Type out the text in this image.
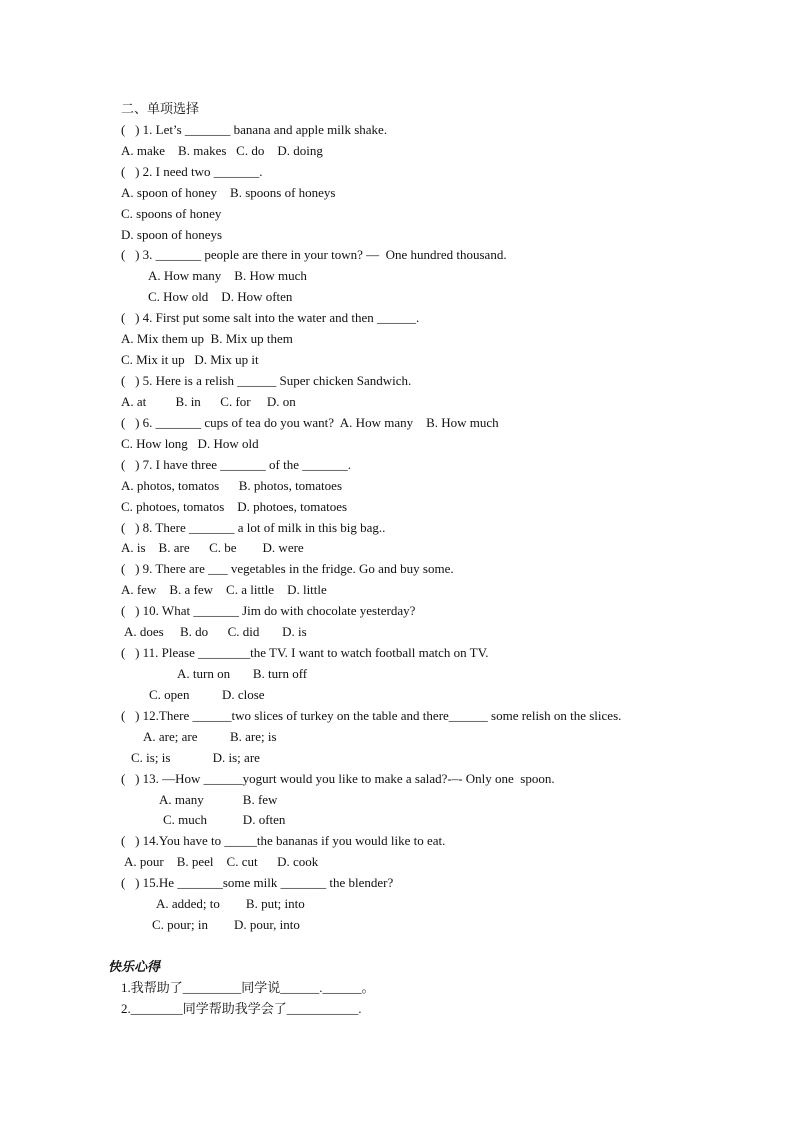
二、单项选择
(   ) 1. Let’s _______ banana and apple milk shake.
A. make    B. makes   C. do    D. doing
(   ) 2. I need two _______.
A. spoon of honey    B. spoons of honeys
C. spoons of honey
D. spoon of honeys
(   ) 3. _______ people are there in your town? —  One hundred thousand.
A. How many    B. How much
C. How old    D. How often
(   ) 4. First put some salt into the water and then ______.
A. Mix them up  B. Mix up them
C. Mix it up   D. Mix up it
(   ) 5. Here is a relish ______ Super chicken Sandwich.
A. at         B. in      C. for     D. on
(   ) 6. _______ cups of tea do you want?  A. How many    B. How much
C. How long   D. How old
(   ) 7. I have three _______ of the _______.
A. photos, tomatos      B. photos, tomatoes
C. photoes, tomatos    D. photoes, tomatoes
(   ) 8. There _______ a lot of milk in this big bag..
A. is    B. are      C. be        D. were
(   ) 9. There are ___ vegetables in the fridge. Go and buy some.
A. few    B. a few    C. a little    D. little
(   ) 10. What _______ Jim do with chocolate yesterday?
A. does     B. do      C. did       D. is
(   ) 11. Please ________the TV. I want to watch football match on TV.
A. turn on       B. turn off
C. open          D. close
(   ) 12.There ______two slices of turkey on the table and there______ some relish on the slices.
A. are; are          B. are; is
C. is; is             D. is; are
(   ) 13. —How ______yogurt would you like to make a salad?-–- Only one  spoon.
A. many            B. few
C. much           D. often
(   ) 14.You have to _____the bananas if you would like to eat.
A. pour    B. peel    C. cut      D. cook
(   ) 15.He _______some milk _______ the blender?
A. added; to        B. put; into
C. pour; in        D. pour, into
快乐心得
1.我帮助了_________同学说______.______。
2.________同学帮助我学会了___________.
